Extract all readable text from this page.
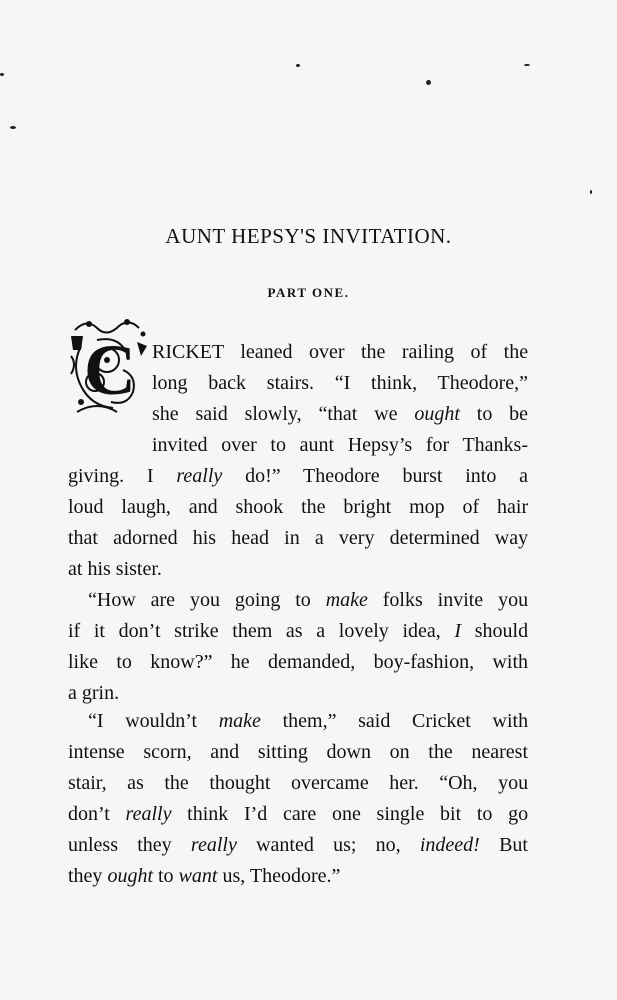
AUNT HEPSY'S INVITATION.
PART ONE.
C RICKET leaned over the railing of the
long back stairs. “I think, Theodore,”
she said slowly, “that we ought to be
invited over to aunt Hepsy’s for Thanks-
giving. I really do!” Theodore burst into a
loud laugh, and shook the bright mop of hair
that adorned his head in a very determined way
at his sister.
“How are you going to make folks invite you
if it don’t strike them as a lovely idea, I should
like to know?” he demanded, boy-fashion, with
a grin.
“I wouldn’t make them,” said Cricket with
intense scorn, and sitting down on the nearest
stair, as the thought overcame her. “Oh, you
don’t really think I’d care one single bit to go
unless they really wanted us; no, indeed! But
they ought to want us, Theodore.”
